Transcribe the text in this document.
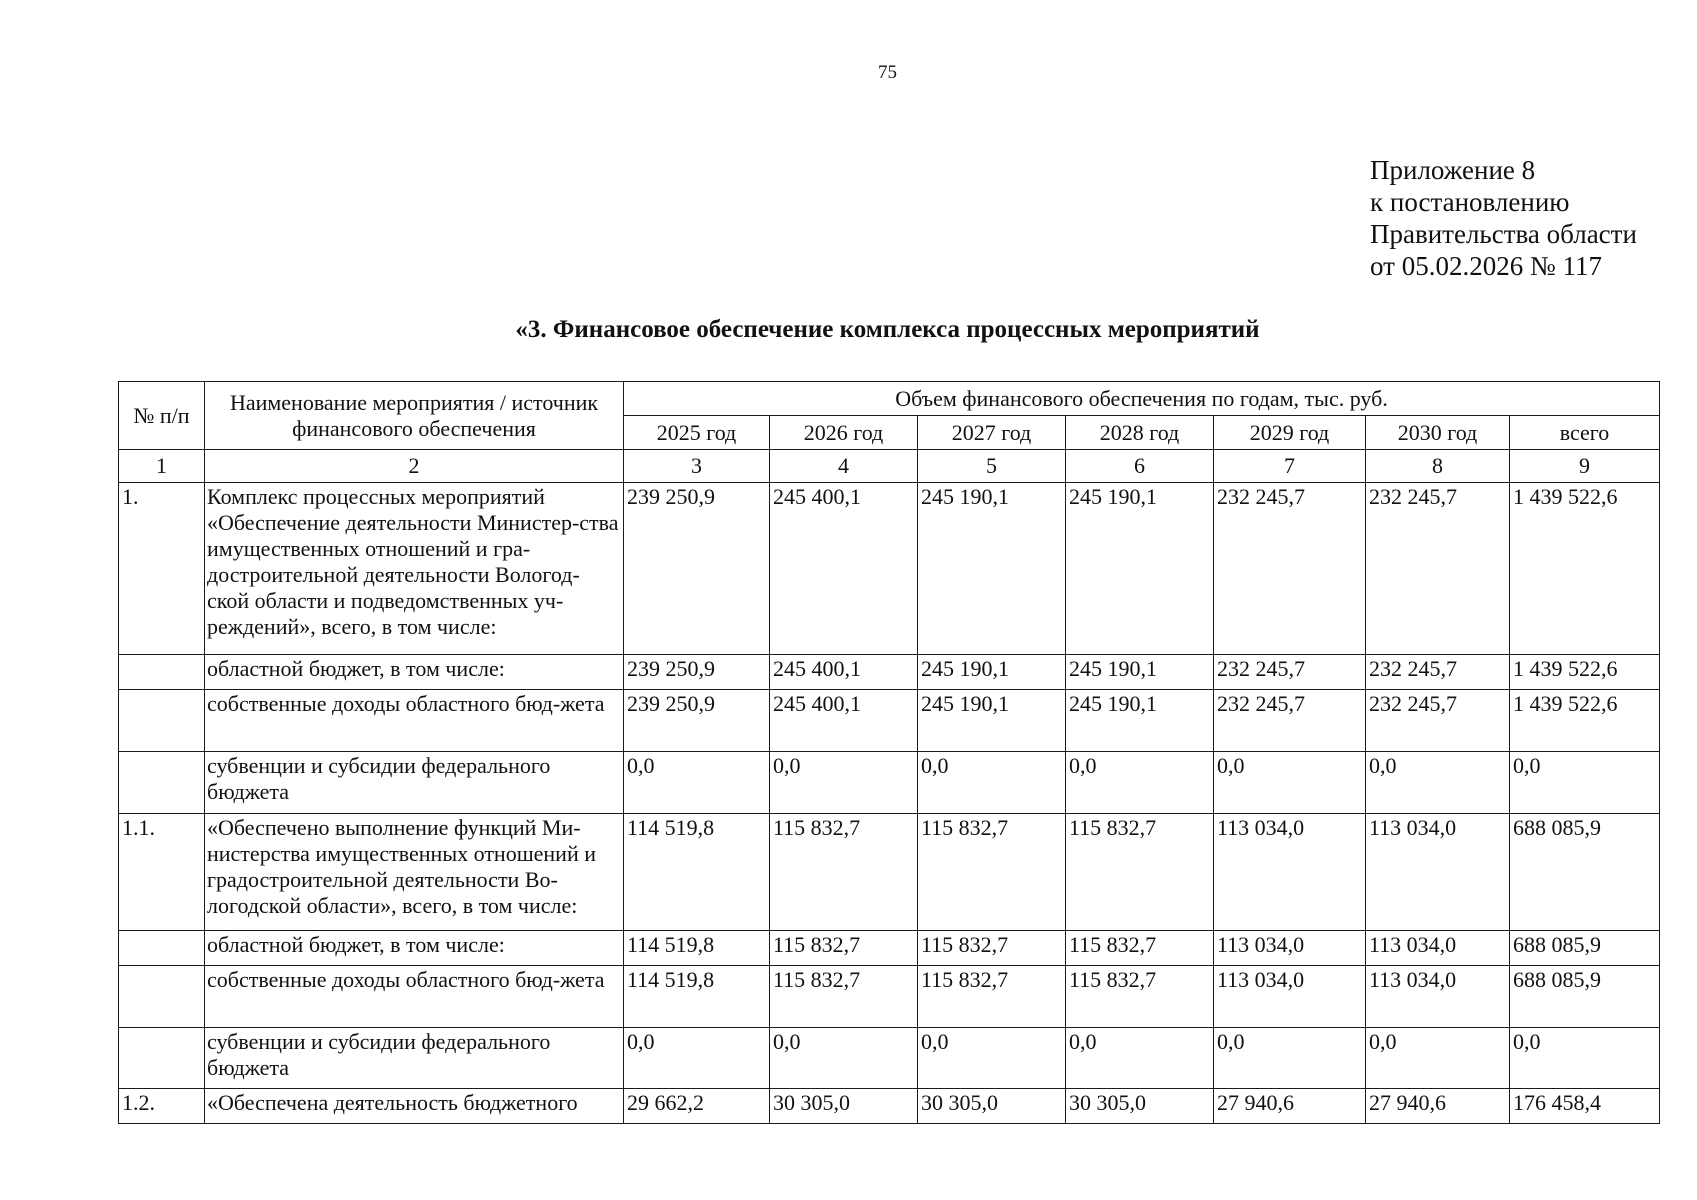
75
Приложение 8
к постановлению
Правительства области
от 05.02.2026 № 117
«3. Финансовое обеспечение комплекса процессных мероприятий
№ п/п	Наименование мероприятия / источник финансового обеспечения	Объем финансового обеспечения по годам, тыс. руб.						
		2025 год	2026 год	2027 год	2028 год	2029 год	2030 год	всего
1	2	3	4	5	6	7	8	9
1.	Комплекс процессных мероприятий «Обеспечение деятельности Министер-ства имущественных отношений и гра-достроительной деятельности Вологод-ской области и подведомственных уч-реждений», всего, в том числе:	239 250,9	245 400,1	245 190,1	245 190,1	232 245,7	232 245,7	1 439 522,6
	областной бюджет, в том числе:	239 250,9	245 400,1	245 190,1	245 190,1	232 245,7	232 245,7	1 439 522,6
	собственные доходы областного бюд-жета	239 250,9	245 400,1	245 190,1	245 190,1	232 245,7	232 245,7	1 439 522,6
	субвенции и субсидии федерального бюджета	0,0	0,0	0,0	0,0	0,0	0,0	0,0
1.1.	«Обеспечено выполнение функций Ми-нистерства имущественных отношений и градостроительной деятельности Во-логодской области», всего, в том числе:	114 519,8	115 832,7	115 832,7	115 832,7	113 034,0	113 034,0	688 085,9
	областной бюджет, в том числе:	114 519,8	115 832,7	115 832,7	115 832,7	113 034,0	113 034,0	688 085,9
	собственные доходы областного бюд-жета	114 519,8	115 832,7	115 832,7	115 832,7	113 034,0	113 034,0	688 085,9
	субвенции и субсидии федерального бюджета	0,0	0,0	0,0	0,0	0,0	0,0	0,0
1.2.	«Обеспечена деятельность бюджетного	29 662,2	30 305,0	30 305,0	30 305,0	27 940,6	27 940,6	176 458,4
